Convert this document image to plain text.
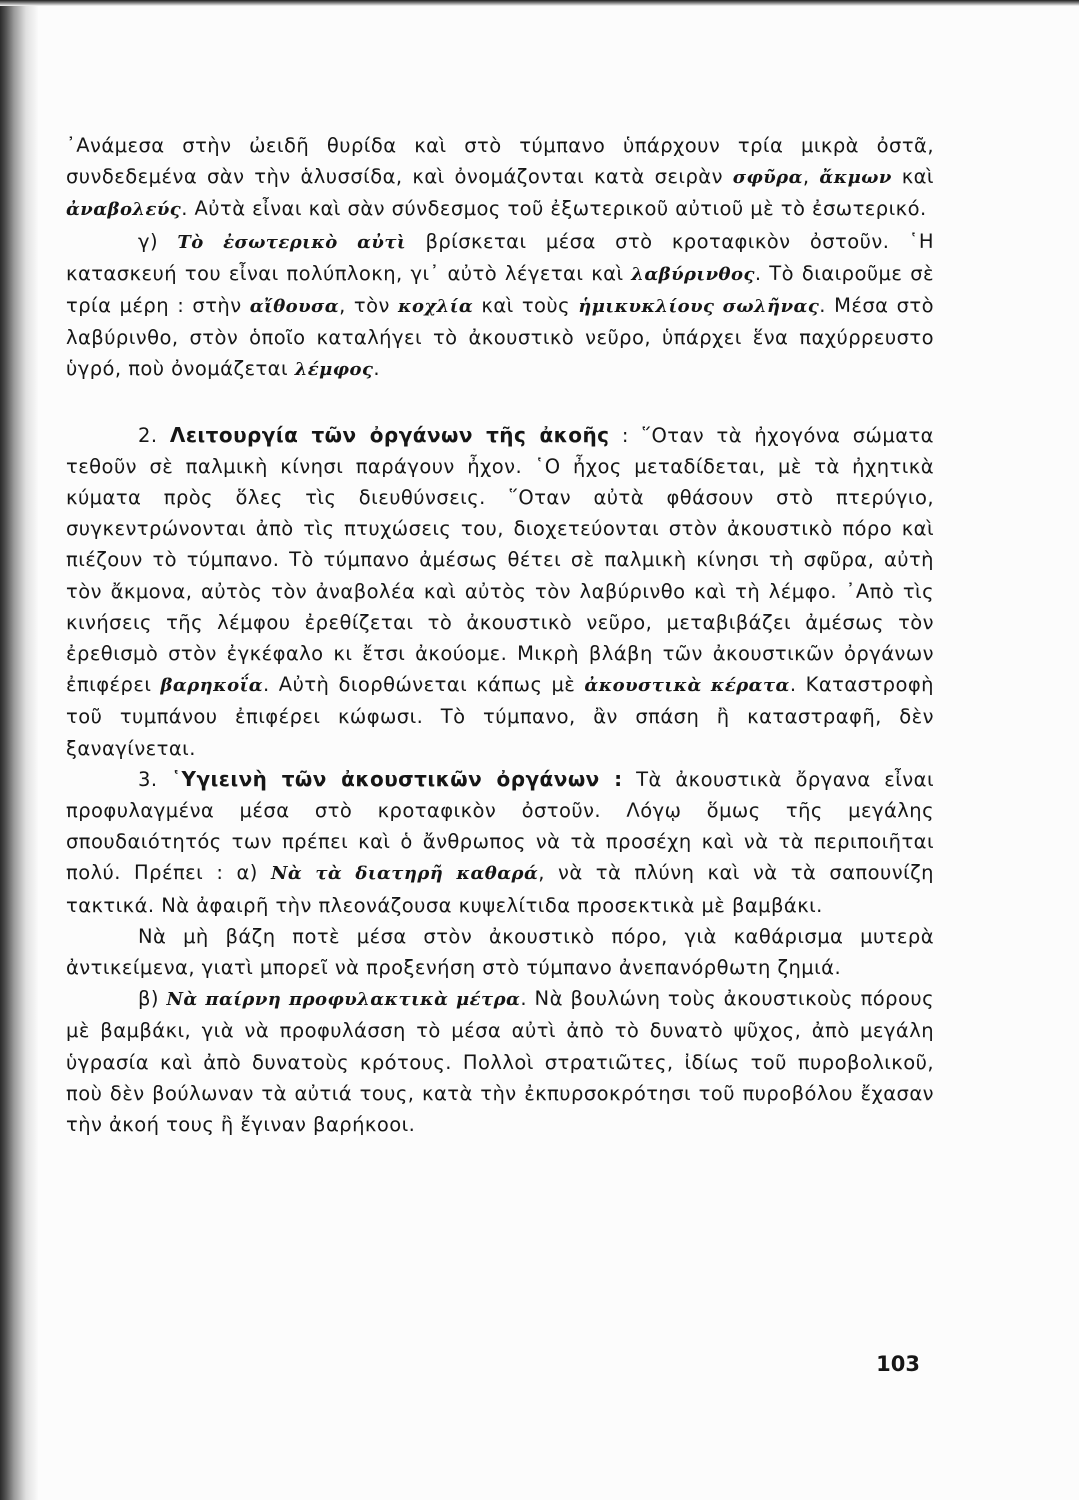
᾿Ανάμεσα στὴν ὠειδῆ θυρίδα καὶ στὸ τύμπανο ὑπάρχουν τρία μικρὰ ὀστᾶ, συνδεδεμένα σὰν τὴν ἁλυσσίδα, καὶ ὀνομάζονται κατὰ σειρὰν σφῦρα, ἄκμων καὶ ἀναβολεύς. Αὐτὰ εἶναι καὶ σὰν σύνδεσμος τοῦ ἐξωτερικοῦ αὐτιοῦ μὲ τὸ ἐσωτερικό.

γ) Τὸ ἐσωτερικὸ αὐτὶ βρίσκεται μέσα στὸ κροταφικὸν ὀστοῦν. ῾Η κατασκευή του εἶναι πολύπλοκη, γι᾿ αὐτὸ λέγεται καὶ λαβύρινθος. Τὸ διαιροῦμε σὲ τρία μέρη : στὴν αἴθουσα, τὸν κοχλία καὶ τοὺς ἡμικυκλίους σωλῆνας. Μέσα στὸ λαβύρινθο, στὸν ὁποῖο καταλήγει τὸ ἀκουστικὸ νεῦρο, ὑπάρχει ἕνα παχύρρευστο ὑγρό, ποὺ ὀνομάζεται λέμφος.

2. Λειτουργία τῶν ὀργάνων τῆς ἀκοῆς : ῞Οταν τὰ ἠχογόνα σώματα τεθοῦν σὲ παλμικὴ κίνησι παράγουν ἦχον. ῾Ο ἦχος μεταδίδεται, μὲ τὰ ἠχητικὰ κύματα πρὸς ὅλες τὶς διευθύνσεις. ῞Οταν αὐτὰ φθάσουν στὸ πτερύγιο, συγκεντρώνονται ἀπὸ τὶς πτυχώσεις του, διοχετεύονται στὸν ἀκουστικὸ πόρο καὶ πιέζουν τὸ τύμπανο. Τὸ τύμπανο ἀμέσως θέτει σὲ παλμικὴ κίνησι τὴ σφῦρα, αὐτὴ τὸν ἄκμονα, αὐτὸς τὸν ἀναβολέα καὶ αὐτὸς τὸν λαβύρινθο καὶ τὴ λέμφο. ᾿Απὸ τὶς κινήσεις τῆς λέμφου ἐρεθίζεται τὸ ἀκουστικὸ νεῦρο, μεταβιβάζει ἀμέσως τὸν ἐρεθισμὸ στὸν ἐγκέφαλο κι ἔτσι ἀκούομε. Μικρὴ βλάβη τῶν ἀκουστικῶν ὀργάνων ἐπιφέρει βαρηκοΐα. Αὐτὴ διορθώνεται κάπως μὲ ἀκουστικὰ κέρατα. Καταστροφὴ τοῦ τυμπάνου ἐπιφέρει κώφωσι. Τὸ τύμπανο, ἂν σπάση ἢ καταστραφῆ, δὲν ξαναγίνεται.

3. ῾Υγιεινὴ τῶν ἀκουστικῶν ὀργάνων : Τὰ ἀκουστικὰ ὄργανα εἶναι προφυλαγμένα μέσα στὸ κροταφικὸν ὀστοῦν. Λόγῳ ὅμως τῆς μεγάλης σπουδαιότητός των πρέπει καὶ ὁ ἄνθρωπος νὰ τὰ προσέχη καὶ νὰ τὰ περιποιῆται πολύ. Πρέπει : α) Νὰ τὰ διατηρῆ καθαρά, νὰ τὰ πλύνη καὶ νὰ τὰ σαπουνίζη τακτικά. Νὰ ἀφαιρῆ τὴν πλεονάζουσα κυψελίτιδα προσεκτικὰ μὲ βαμβάκι.

Νὰ μὴ βάζη ποτὲ μέσα στὸν ἀκουστικὸ πόρο, γιὰ καθάρισμα μυτερὰ ἀντικείμενα, γιατὶ μπορεῖ νὰ προξενήση στὸ τύμπανο ἀνεπανόρθωτη ζημιά.

β) Νὰ παίρνη προφυλακτικὰ μέτρα. Νὰ βουλώνη τοὺς ἀκουστικοὺς πόρους μὲ βαμβάκι, γιὰ νὰ προφυλάσση τὸ μέσα αὐτὶ ἀπὸ τὸ δυνατὸ ψῦχος, ἀπὸ μεγάλη ὑγρασία καὶ ἀπὸ δυνατοὺς κρότους. Πολλοὶ στρατιῶτες, ἰδίως τοῦ πυροβολικοῦ, ποὺ δὲν βούλωναν τὰ αὐτιά τους, κατὰ τὴν ἐκπυρσοκρότησι τοῦ πυροβόλου ἔχασαν τὴν ἀκοή τους ἢ ἔγιναν βαρήκοοι.

103
